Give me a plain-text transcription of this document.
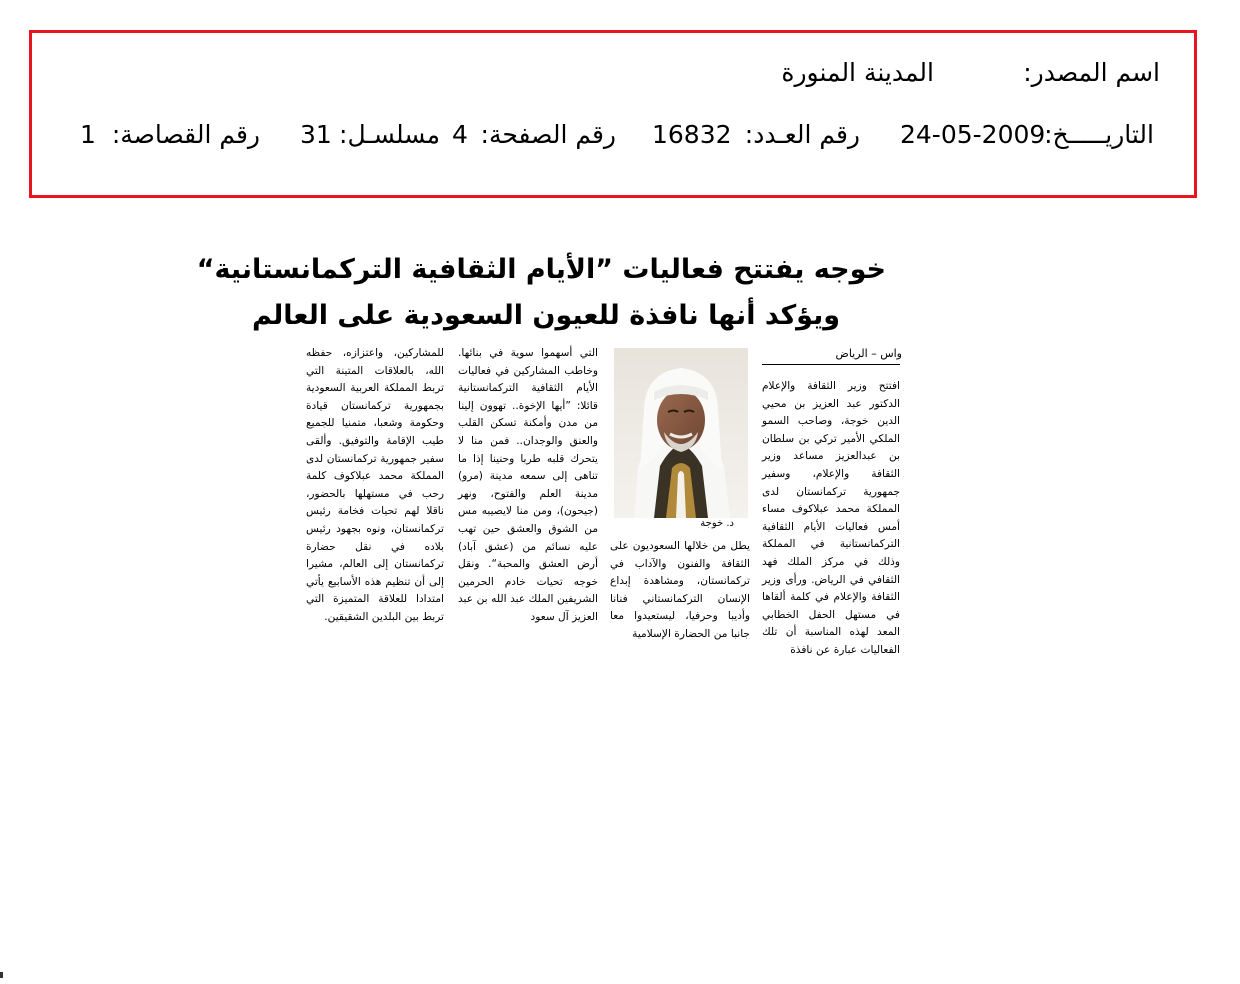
اسم المصدر:
المدينة المنورة
التاريـــــخ:
24-05-2009
رقم العـدد:
16832
رقم الصفحة:
4
مسلسـل:
31
رقم القصاصة:
1
خوجه يفتتح فعاليات ”الأيام الثقافية التركمانستانية“
ويؤكد أنها نافذة للعيون السعودية على العالم
واس – الرياض
افتتح وزير الثقافة والإعلام الدكتور عبد العزيز بن محيي الدين خوجة، وصاحب السمو الملكي الأمير تركي بن سلطان بن عبدالعزيز مساعد وزير الثقافة والإعلام، وسفير جمهورية تركمانستان لدى المملكة محمد عبلاكوف مساء أمس فعاليات الأيام الثقافية التركمانستانية في المملكة وذلك في مركز الملك فهد الثقافي في الرياض. ورأى وزير الثقافة والإعلام في كلمة ألقاها في مستهل الحفل الخطابي المعد لهذه المناسبة أن تلك الفعاليات عبارة عن نافذة
د. خوجة
يطل من خلالها السعوديون على الثقافة والفنون والآداب في تركمانستان، ومشاهدة إبداع الإنسان التركمانستاني فنانا وأديبا وحرفيا، ليستعيدوا معا جانبا من الحضارة الإسلامية
التي أسهموا سوية في بنائها. وخاطب المشاركين في فعاليات الأيام الثقافية التركمانستانية قائلا: ”أيها الإخوة.. تهوون إلينا من مدن وأمكنة تسكن القلب والعنق والوجدان.. فمن منا لا يتحرك قلبه طربا وحنينا إذا ما تناهى إلى سمعه مدينة (مرو) مدينة العلم والفتوح، ونهر (جيحون)، ومن منا لايصيبه مس من الشوق والعشق حين تهب عليه نسائم من (عشق آباد) أرض العشق والمحبة“. ونقل خوجه تحيات خادم الحرمين الشريفين الملك عبد الله بن عبد العزيز آل سعود
للمشاركين، واعتزازه، حفظه الله، بالعلاقات المتينة التي تربط المملكة العربية السعودية بجمهورية تركمانستان قيادة وحكومة وشعبا، متمنيا للجميع طيب الإقامة والتوفيق. وألقى سفير جمهورية تركمانستان لدى المملكة محمد عبلاكوف كلمة رحب في مستهلها بالحضور، ناقلا لهم تحيات فخامة رئيس تركمانستان، ونوه بجهود رئيس بلاده في نقل حضارة تركمانستان إلى العالم، مشيرا إلى أن تنظيم هذه الأسابيع يأتي امتدادا للعلاقة المتميزة التي تربط بين البلدين الشقيقين.
